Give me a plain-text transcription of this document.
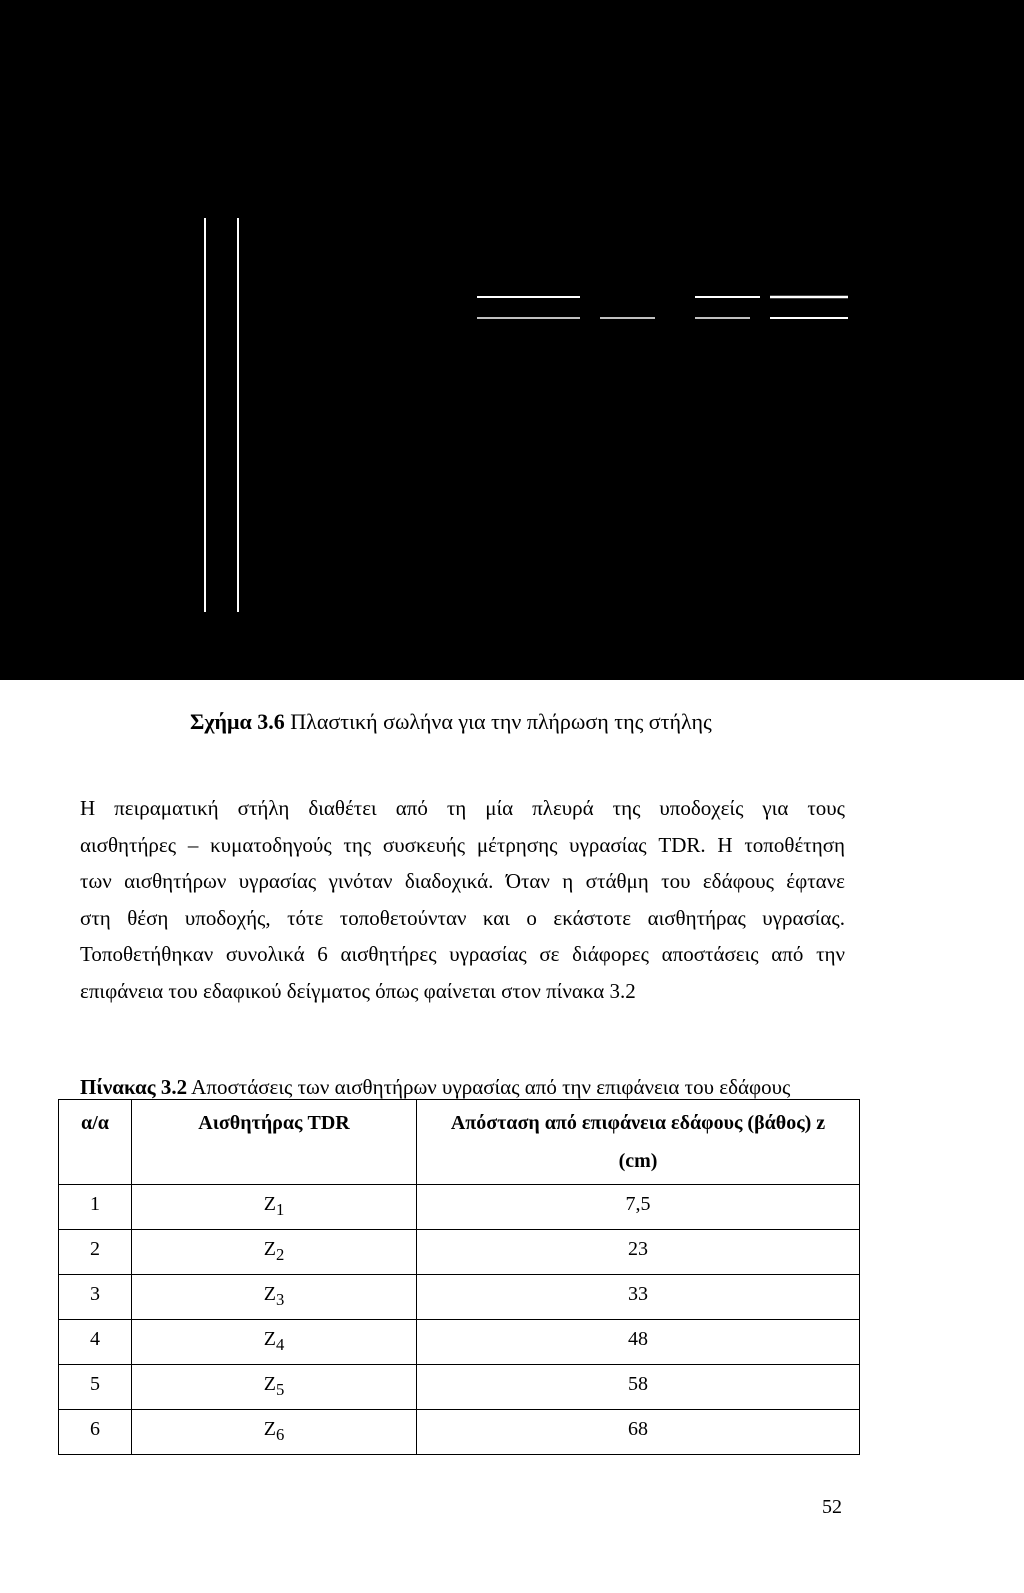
Σχήμα 3.6 Πλαστική σωλήνα για την πλήρωση της στήλης
Η πειραματική στήλη διαθέτει από τη μία πλευρά της υποδοχείς για τους
αισθητήρες – κυματοδηγούς της συσκευής μέτρησης υγρασίας TDR. Η τοποθέτηση
των αισθητήρων υγρασίας γινόταν διαδοχικά. Όταν η στάθμη του εδάφους έφτανε
στη θέση υποδοχής, τότε τοποθετούνταν και ο εκάστοτε αισθητήρας υγρασίας.
Τοποθετήθηκαν συνολικά 6 αισθητήρες υγρασίας σε διάφορες αποστάσεις από την
επιφάνεια του εδαφικού δείγματος όπως φαίνεται στον πίνακα 3.2
Πίνακας 3.2 Αποστάσεις των αισθητήρων υγρασίας από την επιφάνεια του εδάφους
α/α	Αισθητήρας TDR	Απόσταση από επιφάνεια εδάφους (βάθος) z
(cm)

1	$Z_1$	7,5
2	$Z_2$	23
3	$Z_3$	33
4	$Z_4$	48
5	$Z_5$	58
6	$Z_6$	68
52
